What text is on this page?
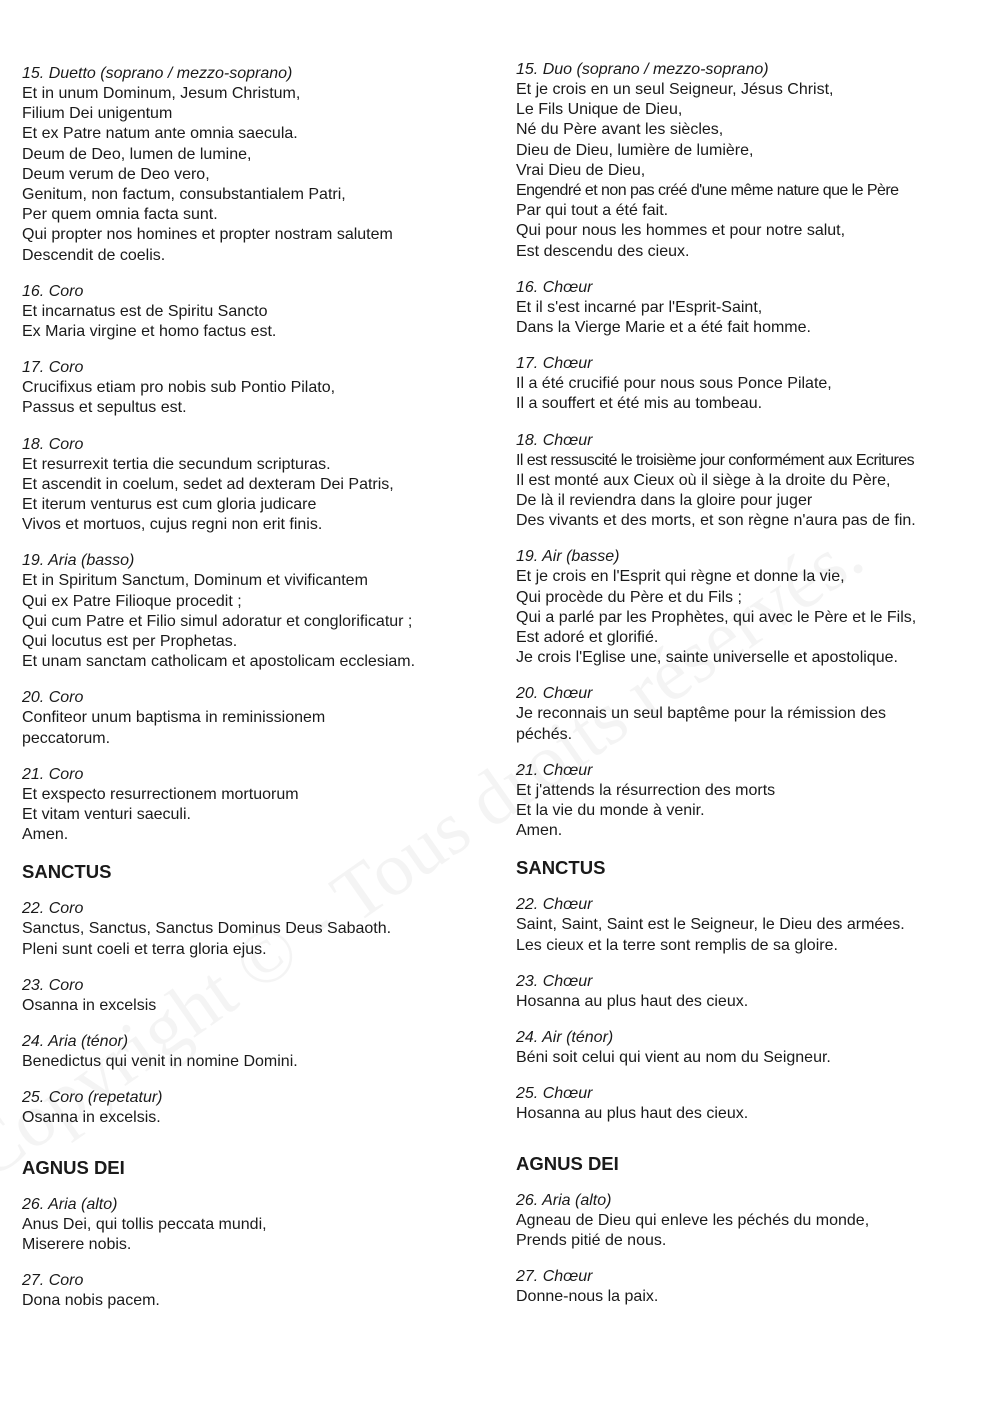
15. Duetto (soprano / mezzo-soprano)
Et in unum Dominum, Jesum Christum,
Filium Dei unigentum
Et ex Patre natum ante omnia saecula.
Deum de Deo, lumen de lumine,
Deum verum de Deo vero,
Genitum, non factum, consubstantialem Patri,
Per quem omnia facta sunt.
Qui propter nos homines et propter nostram salutem
Descendit de coelis.
16. Coro
Et incarnatus est de Spiritu Sancto
Ex Maria virgine et homo factus est.
17. Coro
Crucifixus etiam pro nobis sub Pontio Pilato,
Passus et sepultus est.
18. Coro
Et resurrexit tertia die secundum scripturas.
Et ascendit in coelum, sedet ad dexteram Dei Patris,
Et iterum venturus est cum gloria judicare
Vivos et mortuos, cujus regni non erit finis.
19. Aria (basso)
Et in Spiritum Sanctum, Dominum et vivificantem
Qui ex Patre Filioque procedit ;
Qui cum Patre et Filio simul adoratur et conglorificatur ;
Qui locutus est per Prophetas.
Et unam sanctam catholicam et apostolicam ecclesiam.
20. Coro
Confiteor unum baptisma in reminissionem
peccatorum.
21. Coro
Et exspecto resurrectionem mortuorum
Et vitam venturi saeculi.
Amen.
SANCTUS
22. Coro
Sanctus, Sanctus, Sanctus Dominus Deus Sabaoth.
Pleni sunt coeli et terra gloria ejus.
23. Coro
Osanna in excelsis
24. Aria (ténor)
Benedictus qui venit in nomine Domini.
25. Coro (repetatur)
Osanna in excelsis.
AGNUS DEI
26. Aria (alto)
Anus Dei, qui tollis peccata mundi,
Miserere nobis.
27. Coro
Dona nobis pacem.
15. Duo (soprano / mezzo-soprano)
Et je crois en un seul Seigneur, Jésus Christ,
Le Fils Unique de Dieu,
Né du Père avant les siècles,
Dieu de Dieu, lumière de lumière,
Vrai Dieu de Dieu,
Engendré et non pas créé d'une même nature que le Père
Par qui tout a été fait.
Qui pour nous les hommes et pour notre salut,
Est descendu des cieux.
16. Chœur
Et il s'est incarné par l'Esprit-Saint,
Dans la Vierge Marie et a été fait homme.
17. Chœur
Il a été crucifié pour nous sous Ponce Pilate,
Il a souffert et été mis au tombeau.
18. Chœur
Il est ressuscité le troisième jour conformément aux Ecritures
Il est monté aux Cieux où il siège à la droite du Père,
De là il reviendra dans la gloire pour juger
Des vivants et des morts, et son règne n'aura pas de fin.
19. Air (basse)
Et je crois en l'Esprit qui règne et donne la vie,
Qui procède du Père et du Fils ;
Qui a parlé par les Prophètes, qui avec le Père et le Fils,
Est adoré et glorifié.
Je crois l'Eglise une, sainte universelle et apostolique.
20. Chœur
Je reconnais un seul baptême pour la rémission des
péchés.
21. Chœur
Et j'attends la résurrection des morts
Et la vie du monde à venir.
Amen.
SANCTUS
22. Chœur
Saint, Saint, Saint est le Seigneur, le Dieu des armées.
Les cieux et la terre sont remplis de sa gloire.
23. Chœur
Hosanna au plus haut des cieux.
24. Air (ténor)
Béni soit celui qui vient au nom du Seigneur.
25. Chœur
Hosanna au plus haut des cieux.
AGNUS DEI
26. Aria (alto)
Agneau de Dieu qui enleve les péchés du monde,
Prends pitié de nous.
27. Chœur
Donne-nous la paix.
